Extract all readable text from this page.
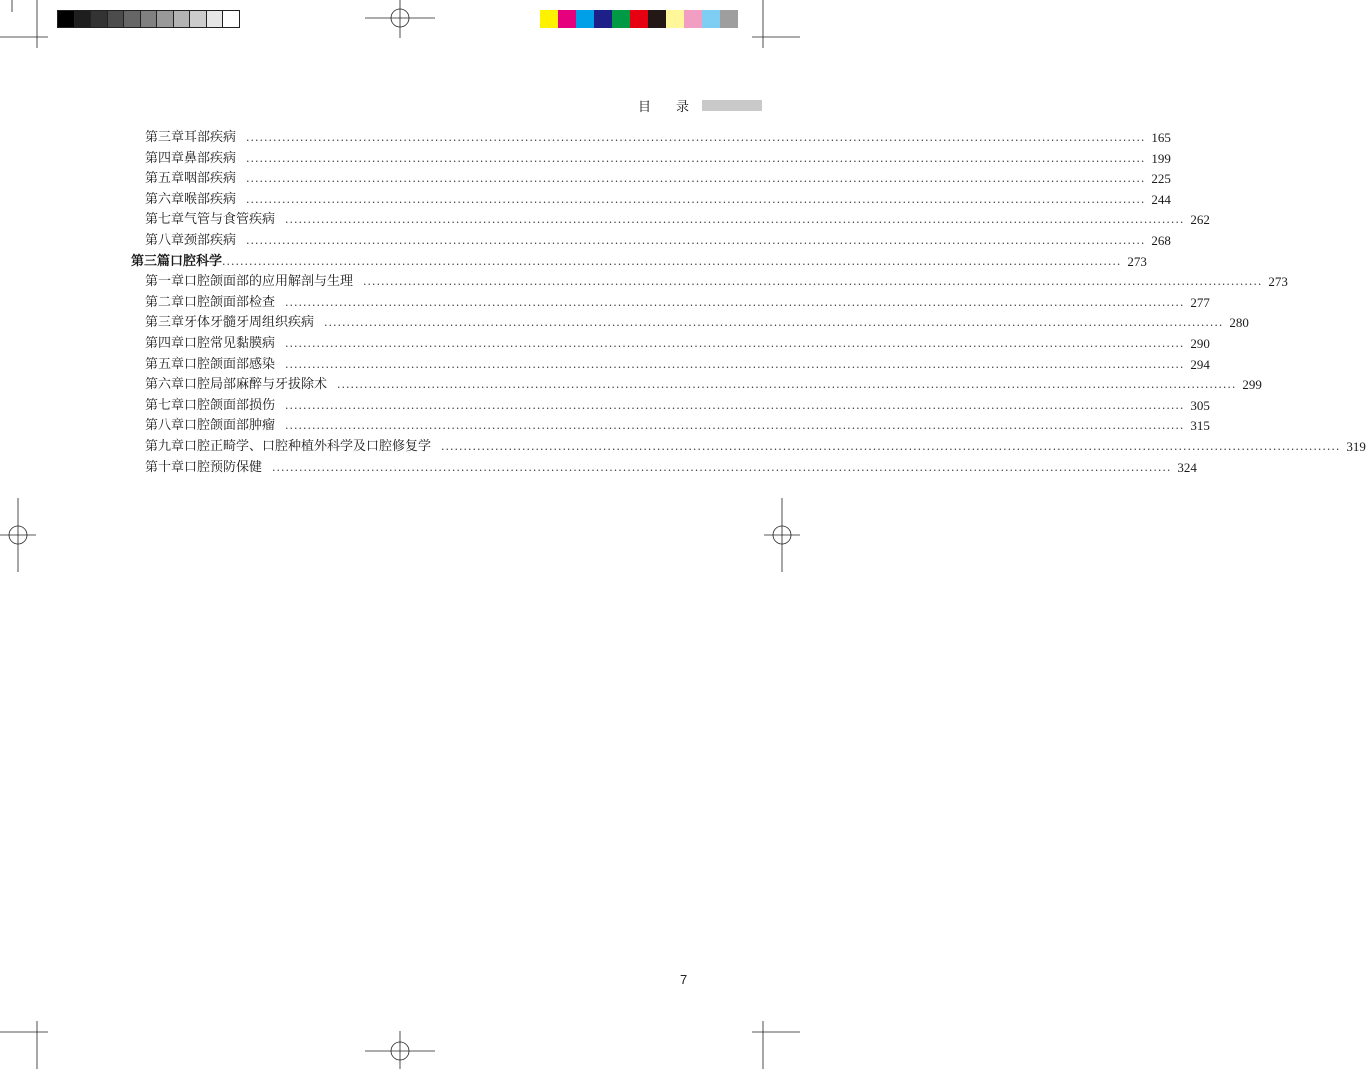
目 录
第三章 耳部疾病 ........................................................................................................................................................................................................ 165
第四章 鼻部疾病 ........................................................................................................................................................................................................ 199
第五章 咽部疾病 ........................................................................................................................................................................................................ 225
第六章 喉部疾病 ........................................................................................................................................................................................................ 244
第七章 气管与食管疾病 ........................................................................................................................................................................................................ 262
第八章 颈部疾病 ........................................................................................................................................................................................................ 268
第三篇 口腔科学 ........................................................................................................................................................................................................ 273
第一章 口腔颌面部的应用解剖与生理 ........................................................................................................................................................................................................ 273
第二章 口腔颌面部检查 ........................................................................................................................................................................................................ 277
第三章 牙体牙髓牙周组织疾病 ........................................................................................................................................................................................................ 280
第四章 口腔常见黏膜病 ........................................................................................................................................................................................................ 290
第五章 口腔颌面部感染 ........................................................................................................................................................................................................ 294
第六章 口腔局部麻醉与牙拔除术 ........................................................................................................................................................................................................ 299
第七章 口腔颌面部损伤 ........................................................................................................................................................................................................ 305
第八章 口腔颌面部肿瘤 ........................................................................................................................................................................................................ 315
第九章 口腔正畸学、口腔种植外科学及口腔修复学 ........................................................................................................................................................................................................ 319
第十章 口腔预防保健 ........................................................................................................................................................................................................ 324
7
